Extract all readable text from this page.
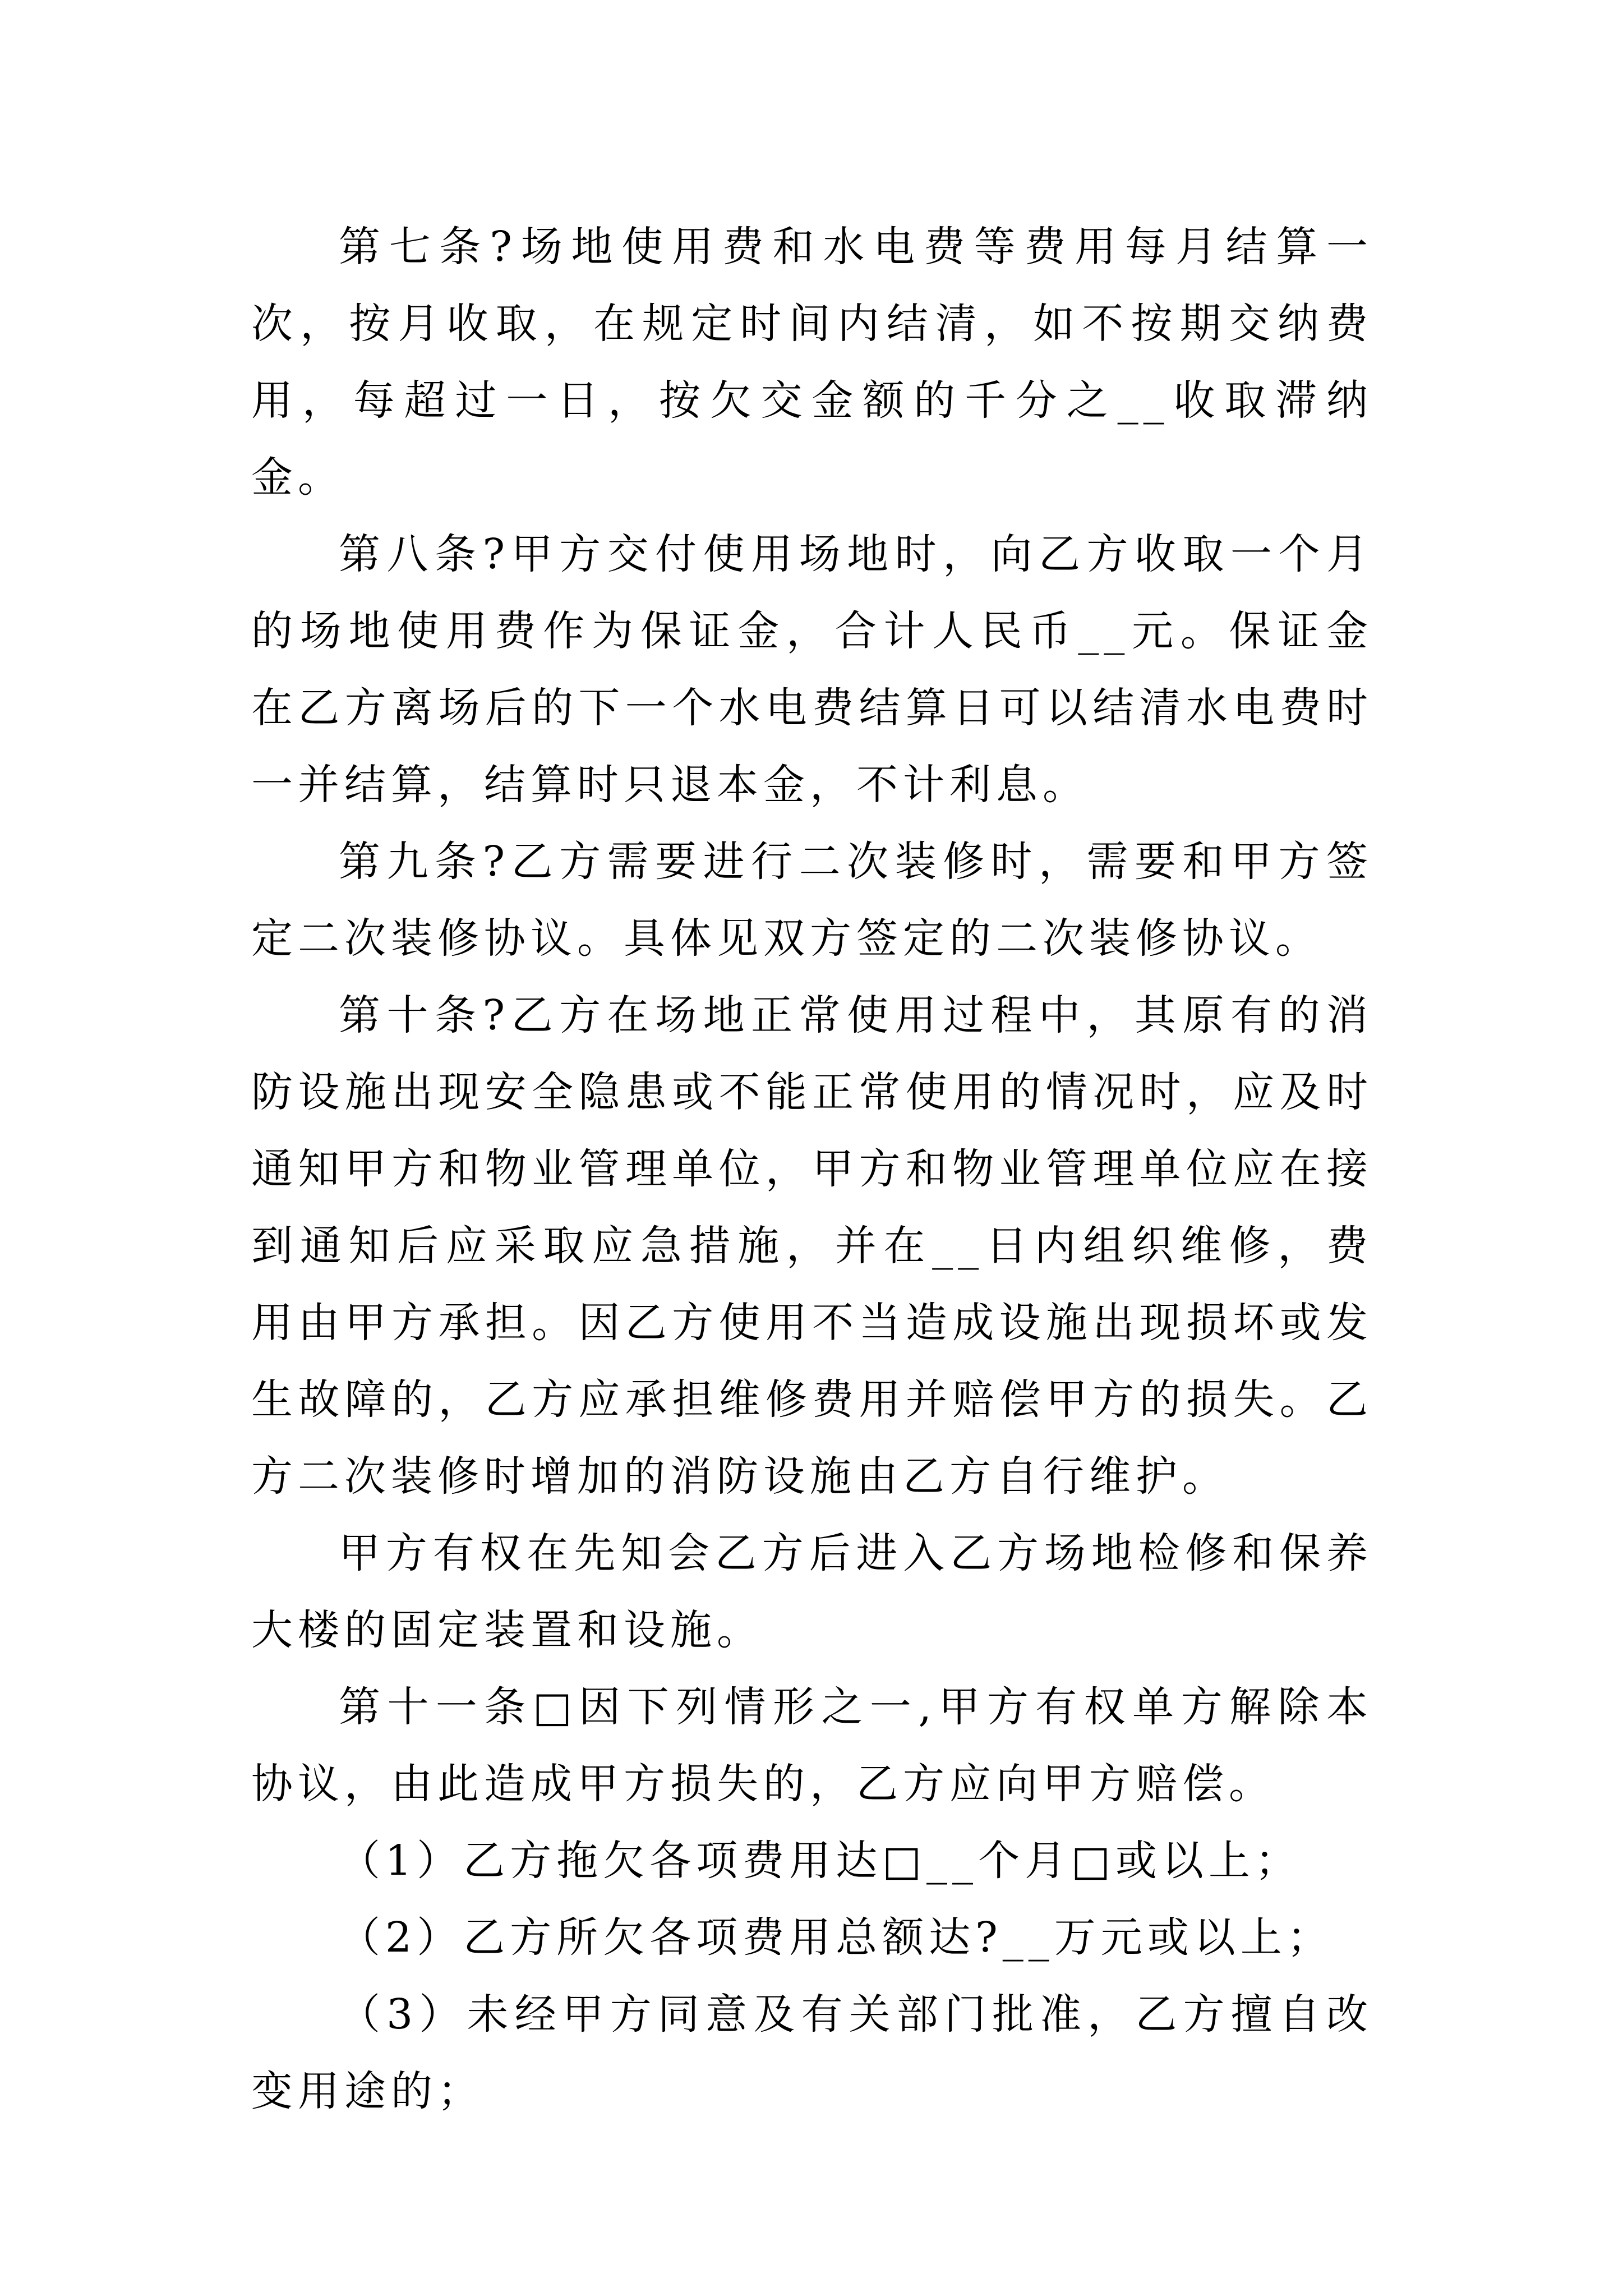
第七条?场地使用费和水电费等费用每月结算一次，按月收取，在规定时间内结清，如不按期交纳费用，每超过一日，按欠交金额的千分之__收取滞纳金。

第八条?甲方交付使用场地时，向乙方收取一个月的场地使用费作为保证金，合计人民币__元。保证金在乙方离场后的下一个水电费结算日可以结清水电费时一并结算，结算时只退本金，不计利息。

第九条?乙方需要进行二次装修时，需要和甲方签定二次装修协议。具体见双方签定的二次装修协议。

第十条?乙方在场地正常使用过程中，其原有的消防设施出现安全隐患或不能正常使用的情况时，应及时通知甲方和物业管理单位，甲方和物业管理单位应在接到通知后应采取应急措施，并在__日内组织维修，费用由甲方承担。因乙方使用不当造成设施出现损坏或发生故障的，乙方应承担维修费用并赔偿甲方的损失。乙方二次装修时增加的消防设施由乙方自行维护。

甲方有权在先知会乙方后进入乙方场地检修和保养大楼的固定装置和设施。

第十一条□因下列情形之一,甲方有权单方解除本协议，由此造成甲方损失的，乙方应向甲方赔偿。

（1）乙方拖欠各项费用达□__个月□或以上；

（2）乙方所欠各项费用总额达?__万元或以上；

（3）未经甲方同意及有关部门批准，乙方擅自改变用途的；
